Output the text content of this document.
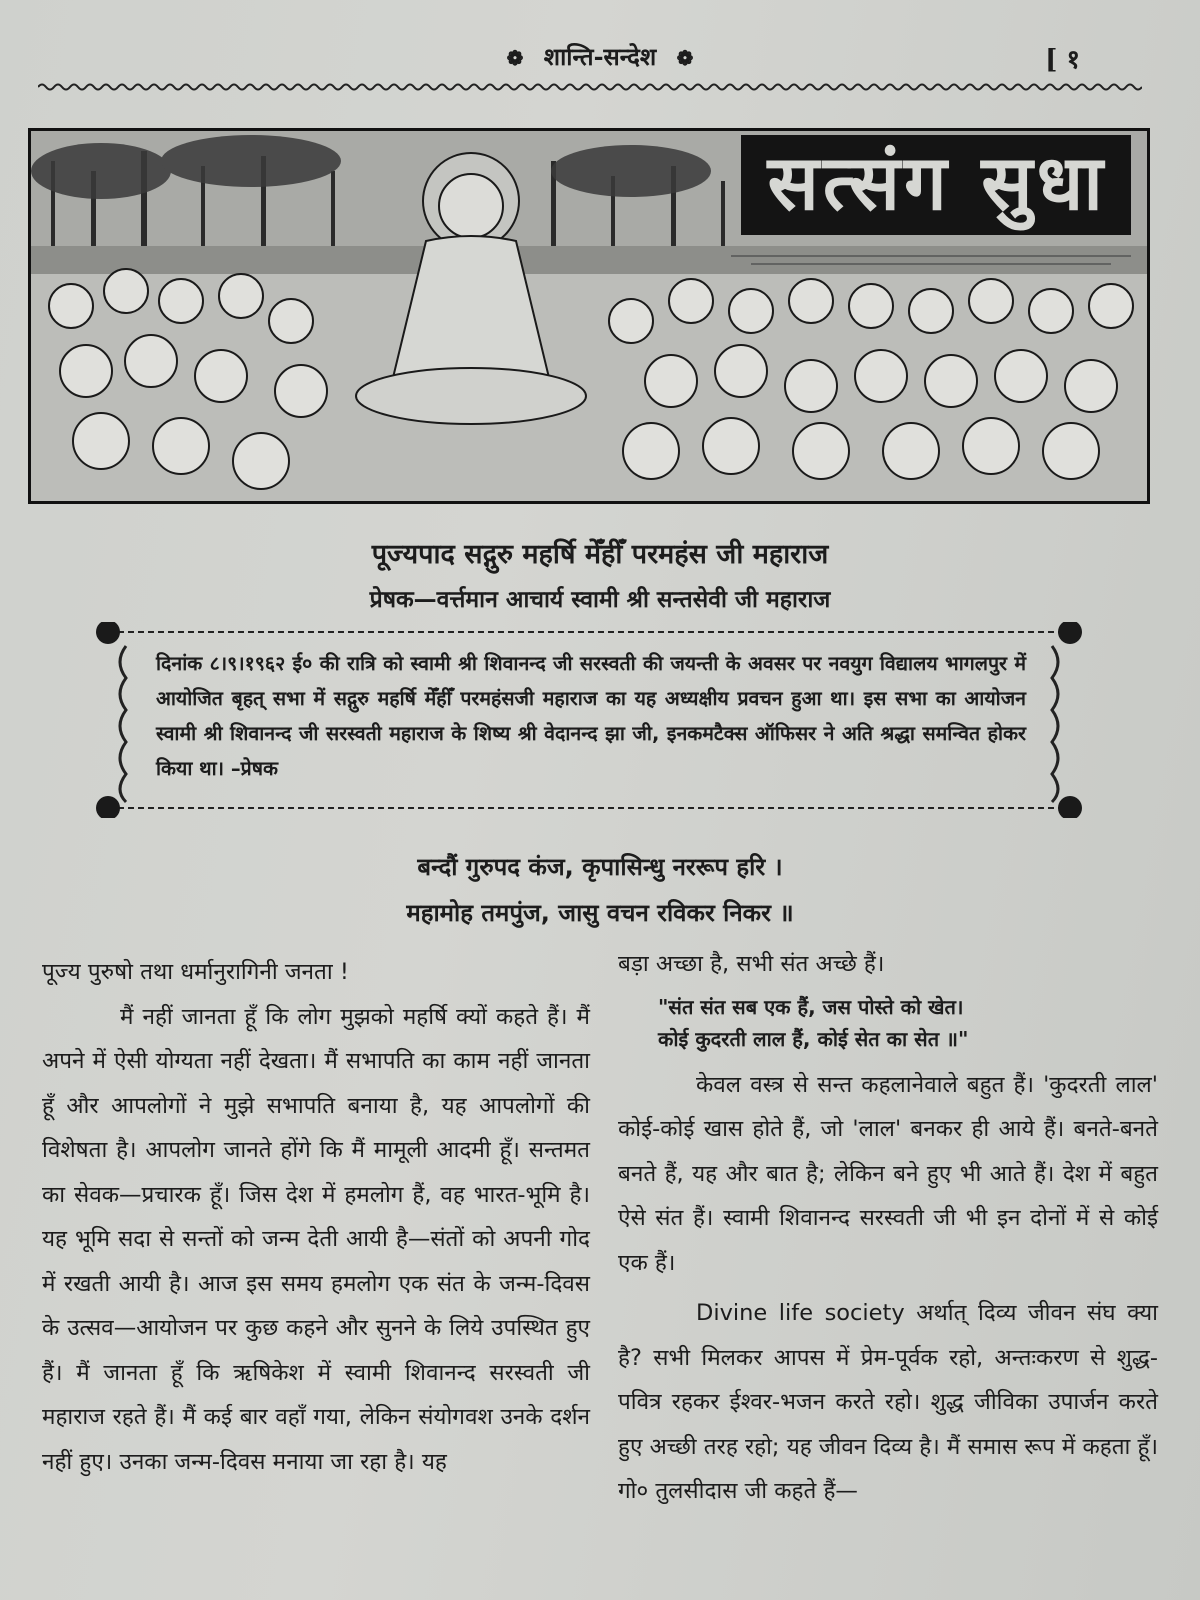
❁ शान्ति-सन्देश ❁	[ १
सत्संग सुधा
पूज्यपाद सद्गुरु महर्षि मेँहीँ परमहंस जी महाराज
प्रेषक—वर्त्तमान आचार्य स्वामी श्री सन्तसेवी जी महाराज
दिनांक ८।९।१९६२ ई० की रात्रि को स्वामी श्री शिवानन्द जी सरस्वती की जयन्ती के अवसर पर नवयुग विद्यालय भागलपुर में आयोजित बृहत् सभा में सद्गुरु महर्षि मेँहीँ परमहंसजी महाराज का यह अध्यक्षीय प्रवचन हुआ था। इस सभा का आयोजन स्वामी श्री शिवानन्द जी सरस्वती महाराज के शिष्य श्री वेदानन्द झा जी, इनकमटैक्स ऑफिसर ने अति श्रद्धा समन्वित होकर किया था। –प्रेषक
बन्दौं गुरुपद कंज, कृपासिन्धु नररूप हरि ।
महामोह तमपुंज, जासु वचन रविकर निकर ॥

पूज्य पुरुषो तथा धर्मानुरागिनी जनता !

मैं नहीं जानता हूँ कि लोग मुझको महर्षि क्यों कहते हैं। मैं अपने में ऐसी योग्यता नहीं देखता। मैं सभापति का काम नहीं जानता हूँ और आपलोगों ने मुझे सभापति बनाया है, यह आपलोगों की विशेषता है। आपलोग जानते होंगे कि मैं मामूली आदमी हूँ। सन्तमत का सेवक—प्रचारक हूँ। जिस देश में हमलोग हैं, वह भारत-भूमि है। यह भूमि सदा से सन्तों को जन्म देती आयी है—संतों को अपनी गोद में रखती आयी है। आज इस समय हमलोग एक संत के जन्म-दिवस के उत्सव—आयोजन पर कुछ कहने और सुनने के लिये उपस्थित हुए हैं। मैं जानता हूँ कि ऋषिकेश में स्वामी शिवानन्द सरस्वती जी महाराज रहते हैं। मैं कई बार वहाँ गया, लेकिन संयोगवश उनके दर्शन नहीं हुए। उनका जन्म-दिवस मनाया जा रहा है। यह

बड़ा अच्छा है, सभी संत अच्छे हैं।

"संत संत सब एक हैं, जस पोस्ते को खेत।
कोई कुदरती लाल हैं, कोई सेत का सेत ॥"

केवल वस्त्र से सन्त कहलानेवाले बहुत हैं। 'कुदरती लाल' कोई-कोई खास होते हैं, जो 'लाल' बनकर ही आये हैं। बनते-बनते बनते हैं, यह और बात है; लेकिन बने हुए भी आते हैं। देश में बहुत ऐसे संत हैं। स्वामी शिवानन्द सरस्वती जी भी इन दोनों में से कोई एक हैं।

Divine life society अर्थात् दिव्य जीवन संघ क्या है? सभी मिलकर आपस में प्रेम-पूर्वक रहो, अन्तःकरण से शुद्ध-पवित्र रहकर ईश्वर-भजन करते रहो। शुद्ध जीविका उपार्जन करते हुए अच्छी तरह रहो; यह जीवन दिव्य है। मैं समास रूप में कहता हूँ। गो० तुलसीदास जी कहते हैं—
